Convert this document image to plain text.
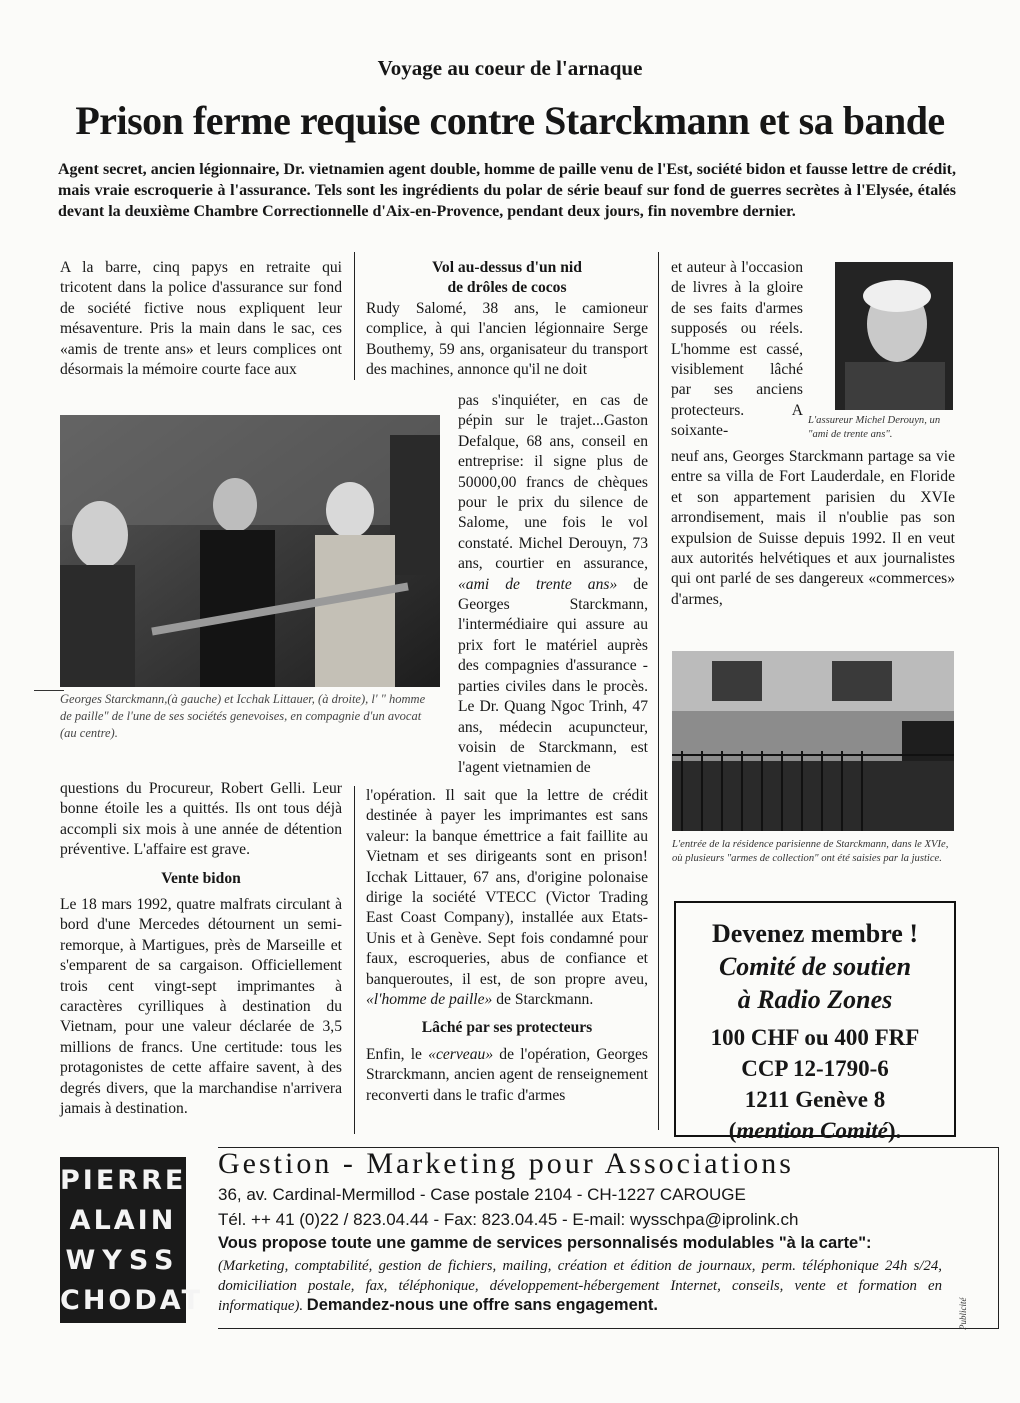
Voyage au coeur de l'arnaque
Prison ferme requise contre Starckmann et sa bande
Agent secret, ancien légionnaire, Dr. vietnamien agent double, homme de paille venu de l'Est, société bidon et fausse lettre de crédit, mais vraie escroquerie à l'assurance. Tels sont les ingrédients du polar de série beauf sur fond de guerres secrètes à l'Elysée, étalés devant la deuxième Chambre Correctionnelle d'Aix-en-Provence, pendant deux jours, fin novembre dernier.

A la barre, cinq papys en retraite qui tricotent dans la police d'assurance sur fond de société fictive nous expliquent leur mésaventure. Pris la main dans le sac, ces «amis de trente ans» et leurs complices ont désormais la mémoire courte face aux

Georges Starckmann,(à gauche) et Icchak Littauer, (à droite), l' " homme de paille" de l'une de ses sociétés genevoises, en compagnie d'un avocat (au centre).

questions du Procureur, Robert Gelli. Leur bonne étoile les a quittés. Ils ont tous déjà accompli six mois à une année de détention préventive. L'affaire est grave.

Vente bidon

Le 18 mars 1992, quatre malfrats circulant à bord d'une Mercedes détournent un semi-remorque, à Martigues, près de Marseille et s'emparent de sa cargaison. Officiellement trois cent vingt-sept imprimantes à caractères cyrilliques à destination du Vietnam, pour une valeur déclarée de 3,5 millions de francs. Une certitude: tous les protagonistes de cette affaire savent, à des degrés divers, que la marchandise n'arrivera jamais à destination.

Vol au-dessus d'un nid

de drôles de cocos

Rudy Salomé, 38 ans, le camioneur complice, à qui l'ancien légionnaire Serge Bouthemy, 59 ans, organisateur du transport des machines, annonce qu'il ne doit
pas s'inquiéter, en cas de pépin sur le trajet...Gaston Defalque, 68 ans, conseil en entreprise: il signe plus de 50000,00 francs de chèques pour le prix du silence de Salome, une fois le vol constaté. Michel Derouyn, 73 ans, courtier en assurance, «ami de trente ans» de Georges Starckmann, l'intermédiaire qui assure au prix fort le matériel auprès des compagnies d'assurance - parties civiles dans le procès. Le Dr. Quang Ngoc Trinh, 47 ans, médecin acupuncteur, voisin de Starckmann, est l'agent vietnamien de
l'opération. Il sait que la lettre de crédit destinée à payer les imprimantes est sans valeur: la banque émettrice a fait faillite au Vietnam et ses dirigeants sont en prison! Icchak Littauer, 67 ans, d'origine polonaise dirige la société VTECC (Victor Trading East Coast Company), installée aux Etats-Unis et à Genève. Sept fois condamné pour faux, escroqueries, abus de confiance et banqueroutes, il est, de son propre aveu, «l'homme de paille» de Starckmann.

Lâché par ses protecteurs

Enfin, le «cerveau» de l'opération, Georges Strarckmann, ancien agent de renseignement reconverti dans le trafic d'armes
et auteur à l'occasion de livres à la gloire de ses faits d'armes supposés ou réels. L'homme est cassé, visiblement lâché par ses anciens protecteurs. A soixante-
L'assureur Michel Derouyn, un "ami de trente ans".
neuf ans, Georges Starckmann partage sa vie entre sa villa de Fort Lauderdale, en Floride et son appartement parisien du XVIe arrondisement, mais il n'oublie pas son expulsion de Suisse depuis 1992. Il en veut aux autorités helvétiques et aux journalistes qui ont parlé de ses dangereux «commerces» d'armes,
L'entrée de la résidence parisienne de Starckmann, dans le XVIe, où plusieurs "armes de collection" ont été saisies par la justice.
Devenez membre !
Comité de soutien
à Radio Zones
100 CHF ou 400 FRF
CCP 12-1790-6
1211 Genève 8
(mention Comité).
PIERRE
ALAIN
WYSS
CHODAT
Gestion - Marketing pour Associations
36, av. Cardinal-Mermillod - Case postale 2104 - CH-1227 CAROUGE
Tél. ++ 41 (0)22 / 823.04.44 - Fax: 823.04.45 - E-mail: wysschpa@iprolink.ch
Vous propose toute une gamme de services personnalisés modulables "à la carte":
(Marketing, comptabilité, gestion de fichiers, mailing, création et édition de journaux, perm. téléphonique 24h s/24, domiciliation postale, fax, téléphonique, développement-hébergement Internet, conseils, vente et formation en informatique). Demandez-nous une offre sans engagement.	Publicité
